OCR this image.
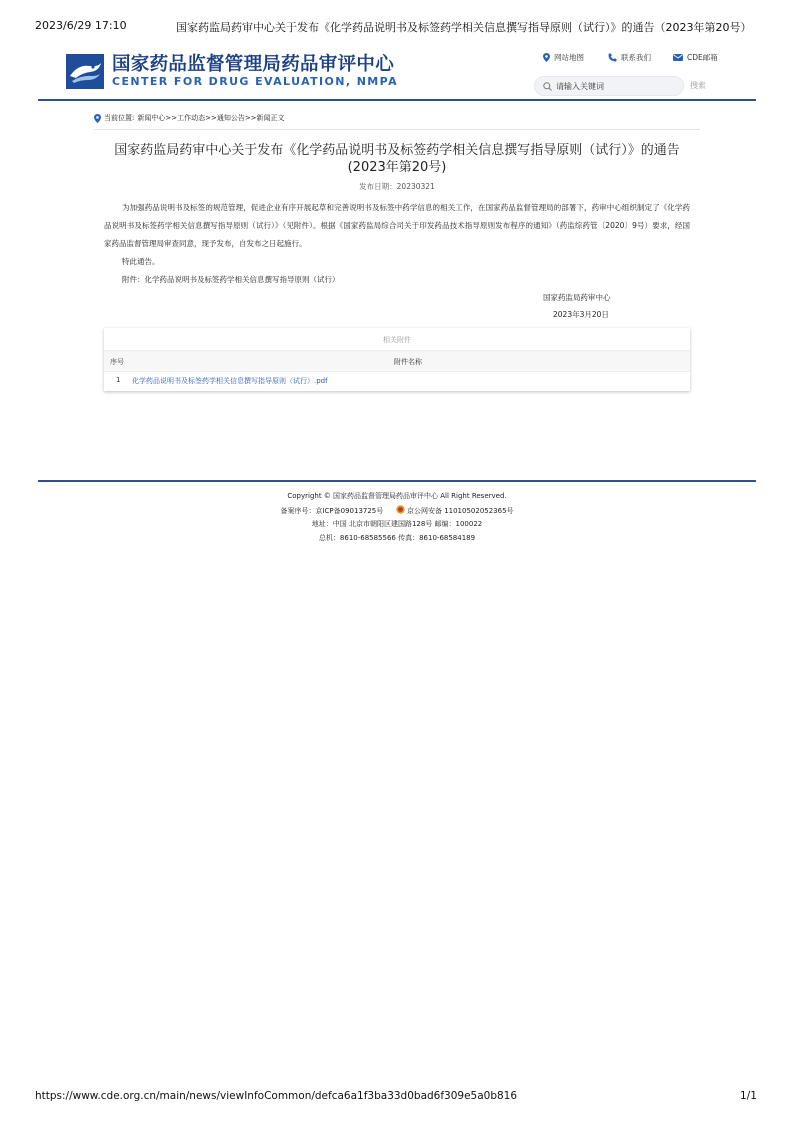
2023/6/29 17:10	国家药监局药审中心关于发布《化学药品说明书及标签药学相关信息撰写指导原则（试行）》的通告（2023年第20号）
国家药品监督管理局药品审评中心
CENTER FOR DRUG EVALUATION, NMPA
网站地图	联系我们	CDE邮箱
请输入关键词
搜索
当前位置: 新闻中心>>工作动态>>通知公告>>新闻正文
国家药监局药审中心关于发布《化学药品说明书及标签药学相关信息撰写指导原则（试行）》的通告
(2023年第20号)
发布日期：20230321

为加强药品说明书及标签的规范管理，促进企业有序开展起草和完善说明书及标签中药学信息的相关工作，在国家药品监督管理局的部署下，药审中心组织制定了《化学药品说明书及标签药学相关信息撰写指导原则（试行）》（见附件）。根据《国家药监局综合司关于印发药品技术指导原则发布程序的通知》（药监综药管〔2020〕9号）要求，经国家药品监督管理局审查同意，现予发布，自发布之日起施行。

特此通告。

附件：化学药品说明书及标签药学相关信息撰写指导原则（试行）

国家药监局药审中心
2023年3月20日
相关附件
序号	附件名称
1 化学药品说明书及标签药学相关信息撰写指导原则（试行）.pdf
Copyright © 国家药品监督管理局药品审评中心 All Right Reserved.
备案序号：京ICP备09013725号	京公网安备 11010502052365号
地址：中国 北京市朝阳区建国路128号 邮编：100022
总机：8610-68585566 传真：8610-68584189
https://www.cde.org.cn/main/news/viewInfoCommon/defca6a1f3ba33d0bad6f309e5a0b816	1/1
